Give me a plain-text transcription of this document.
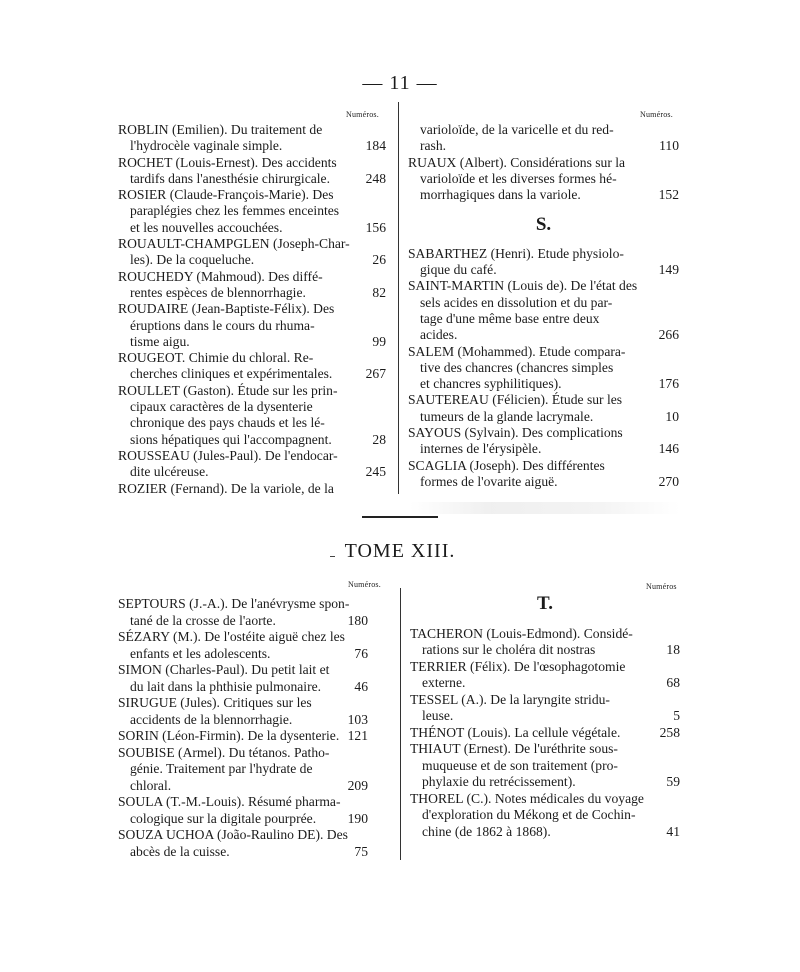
— 11 —
Numéros.	Numéros.
ROBLIN (Emilien). Du traitement de
l'hydrocèle vaginale simple.	184
ROCHET (Louis-Ernest). Des accidents
tardifs dans l'anesthésie chirurgicale.	248
ROSIER (Claude-François-Marie). Des
paraplégies chez les femmes enceintes
et les nouvelles accouchées.	156
ROUAULT-CHAMPGLEN (Joseph-Char-
les). De la coqueluche.	26
ROUCHEDY (Mahmoud). Des diffé-
rentes espèces de blennorrhagie.	82
ROUDAIRE (Jean-Baptiste-Félix). Des
éruptions dans le cours du rhuma-
tisme aigu.	99
ROUGEOT. Chimie du chloral. Re-
cherches cliniques et expérimentales.	267
ROULLET (Gaston). Étude sur les prin-
cipaux caractères de la dysenterie
chronique des pays chauds et les lé-
sions hépatiques qui l'accompagnent.	28
ROUSSEAU (Jules-Paul). De l'endocar-
dite ulcéreuse.	245
ROZIER (Fernand). De la variole, de la
varioloïde, de la varicelle et du red-
rash.	110
RUAUX (Albert). Considérations sur la
varioloïde et les diverses formes hé-
morrhagiques dans la variole.	152
S.
SABARTHEZ (Henri). Etude physiolo-
gique du café.	149
SAINT-MARTIN (Louis de). De l'état des
sels acides en dissolution et du par-
tage d'une même base entre deux
acides.	266
SALEM (Mohammed). Etude compara-
tive des chancres (chancres simples
et chancres syphilitiques).	176
SAUTEREAU (Félicien). Étude sur les
tumeurs de la glande lacrymale.	10
SAYOUS (Sylvain). Des complications
internes de l'érysipèle.	146
SCAGLIA (Joseph). Des différentes
formes de l'ovarite aiguë.	270
TOME XIII.
Numéros.	Numéros
SEPTOURS (J.-A.). De l'anévrysme spon-
tané de la crosse de l'aorte.	180
SÉZARY (M.). De l'ostéite aiguë chez les
enfants et les adolescents.	76
SIMON (Charles-Paul). Du petit lait et
du lait dans la phthisie pulmonaire.	46
SIRUGUE (Jules). Critiques sur les
accidents de la blennorrhagie.	103
SORIN (Léon-Firmin). De la dysenterie. 121
SOUBISE (Armel). Du tétanos. Patho-
génie. Traitement par l'hydrate de
chloral.	209
SOULA (T.-M.-Louis). Résumé pharma-
cologique sur la digitale pourprée.	190
SOUZA UCHOA (João-Raulino DE). Des
abcès de la cuisse.	75
T.
TACHERON (Louis-Edmond). Considé-
rations sur le choléra dit nostras	18
TERRIER (Félix). De l'œsophagotomie
externe.	68
TESSEL (A.). De la laryngite stridu-
leuse.	5
THÉNOT (Louis). La cellule végétale.	258
THIAUT (Ernest). De l'uréthrite sous-
muqueuse et de son traitement (pro-
phylaxie du retrécissement).	59
THOREL (C.). Notes médicales du voyage
d'exploration du Mékong et de Cochin-
chine (de 1862 à 1868).	41
